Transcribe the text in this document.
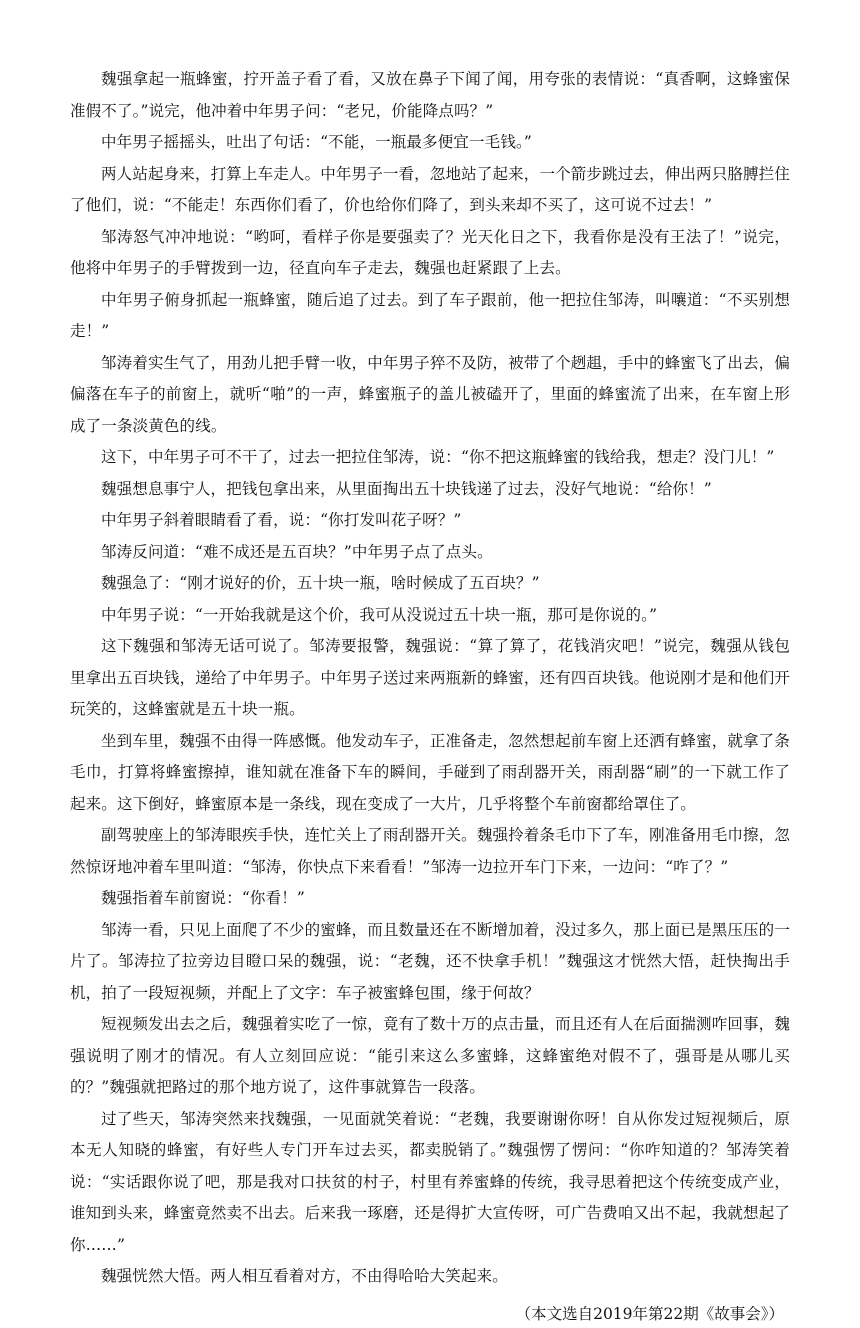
魏强拿起一瓶蜂蜜，拧开盖子看了看，又放在鼻子下闻了闻，用夸张的表情说：“真香啊，这蜂蜜保准假不了。”说完，他冲着中年男子问：“老兄，价能降点吗？”

中年男子摇摇头，吐出了句话：“不能，一瓶最多便宜一毛钱。”

两人站起身来，打算上车走人。中年男子一看，忽地站了起来，一个箭步跳过去，伸出两只胳膊拦住了他们，说：“不能走！东西你们看了，价也给你们降了，到头来却不买了，这可说不过去！”

邹涛怒气冲冲地说：“哟呵，看样子你是要强卖了？光天化日之下，我看你是没有王法了！”说完，他将中年男子的手臂拨到一边，径直向车子走去，魏强也赶紧跟了上去。

中年男子俯身抓起一瓶蜂蜜，随后追了过去。到了车子跟前，他一把拉住邹涛，叫嚷道：“不买别想走！”

邹涛着实生气了，用劲儿把手臂一收，中年男子猝不及防，被带了个趔趄，手中的蜂蜜飞了出去，偏偏落在车子的前窗上，就听“啪”的一声，蜂蜜瓶子的盖儿被磕开了，里面的蜂蜜流了出来，在车窗上形成了一条淡黄色的线。

这下，中年男子可不干了，过去一把拉住邹涛，说：“你不把这瓶蜂蜜的钱给我，想走？没门儿！”

魏强想息事宁人，把钱包拿出来，从里面掏出五十块钱递了过去，没好气地说：“给你！”

中年男子斜着眼睛看了看，说：“你打发叫花子呀？”

邹涛反问道：“难不成还是五百块？”中年男子点了点头。

魏强急了：“刚才说好的价，五十块一瓶，啥时候成了五百块？”

中年男子说：“一开始我就是这个价，我可从没说过五十块一瓶，那可是你说的。”

这下魏强和邹涛无话可说了。邹涛要报警，魏强说：“算了算了，花钱消灾吧！”说完，魏强从钱包里拿出五百块钱，递给了中年男子。中年男子送过来两瓶新的蜂蜜，还有四百块钱。他说刚才是和他们开玩笑的，这蜂蜜就是五十块一瓶。

坐到车里，魏强不由得一阵感慨。他发动车子，正准备走，忽然想起前车窗上还洒有蜂蜜，就拿了条毛巾，打算将蜂蜜擦掉，谁知就在准备下车的瞬间，手碰到了雨刮器开关，雨刮器“刷”的一下就工作了起来。这下倒好，蜂蜜原本是一条线，现在变成了一大片，几乎将整个车前窗都给罩住了。

副驾驶座上的邹涛眼疾手快，连忙关上了雨刮器开关。魏强拎着条毛巾下了车，刚准备用毛巾擦，忽然惊讶地冲着车里叫道：“邹涛，你快点下来看看！”邹涛一边拉开车门下来，一边问：“咋了？”

魏强指着车前窗说：“你看！”

邹涛一看，只见上面爬了不少的蜜蜂，而且数量还在不断增加着，没过多久，那上面已是黑压压的一片了。邹涛拉了拉旁边目瞪口呆的魏强，说：“老魏，还不快拿手机！”魏强这才恍然大悟，赶快掏出手机，拍了一段短视频，并配上了文字：车子被蜜蜂包围，缘于何故？

短视频发出去之后，魏强着实吃了一惊，竟有了数十万的点击量，而且还有人在后面揣测咋回事，魏强说明了刚才的情况。有人立刻回应说：“能引来这么多蜜蜂，这蜂蜜绝对假不了，强哥是从哪儿买的？”魏强就把路过的那个地方说了，这件事就算告一段落。

过了些天，邹涛突然来找魏强，一见面就笑着说：“老魏，我要谢谢你呀！自从你发过短视频后，原本无人知晓的蜂蜜，有好些人专门开车过去买，都卖脱销了。”魏强愣了愣问：“你咋知道的？邹涛笑着说：“实话跟你说了吧，那是我对口扶贫的村子，村里有养蜜蜂的传统，我寻思着把这个传统变成产业，谁知到头来，蜂蜜竟然卖不出去。后来我一琢磨，还是得扩大宣传呀，可广告费咱又出不起，我就想起了你……”

魏强恍然大悟。两人相互看着对方，不由得哈哈大笑起来。

（本文选自2019年第22期《故事会》）
